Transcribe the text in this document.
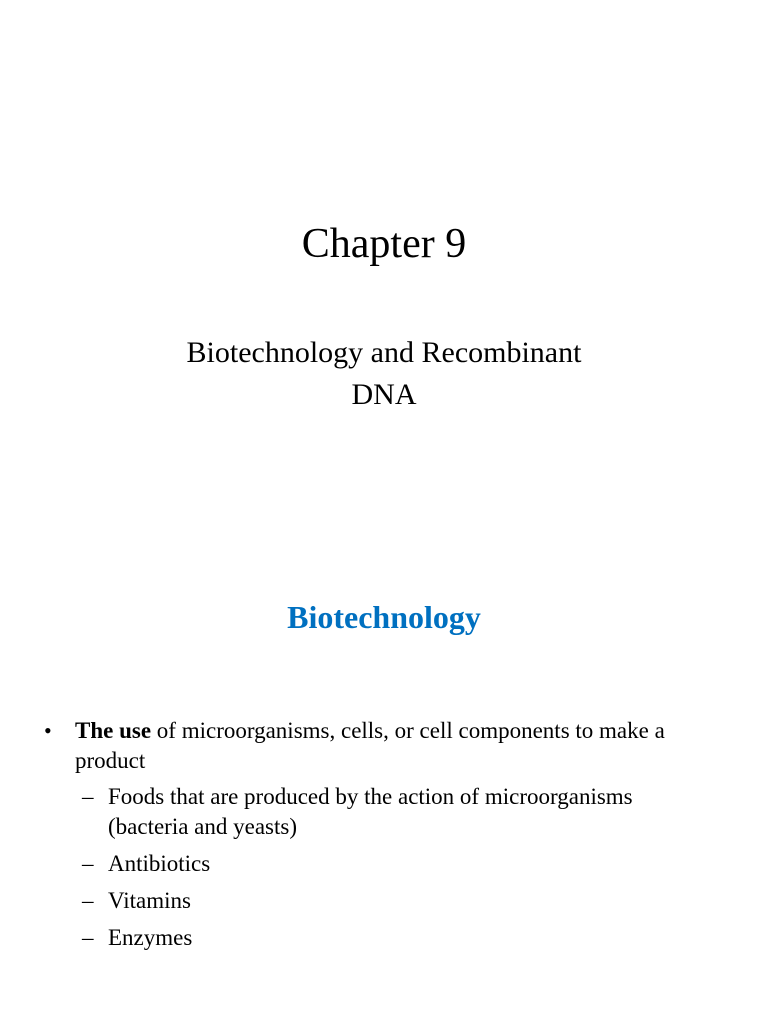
Chapter 9
Biotechnology and Recombinant
DNA
Biotechnology
• The use of microorganisms, cells, or cell components to make a product
– Foods that are produced by the action of microorganisms (bacteria and yeasts)
– Antibiotics
– Vitamins
– Enzymes
